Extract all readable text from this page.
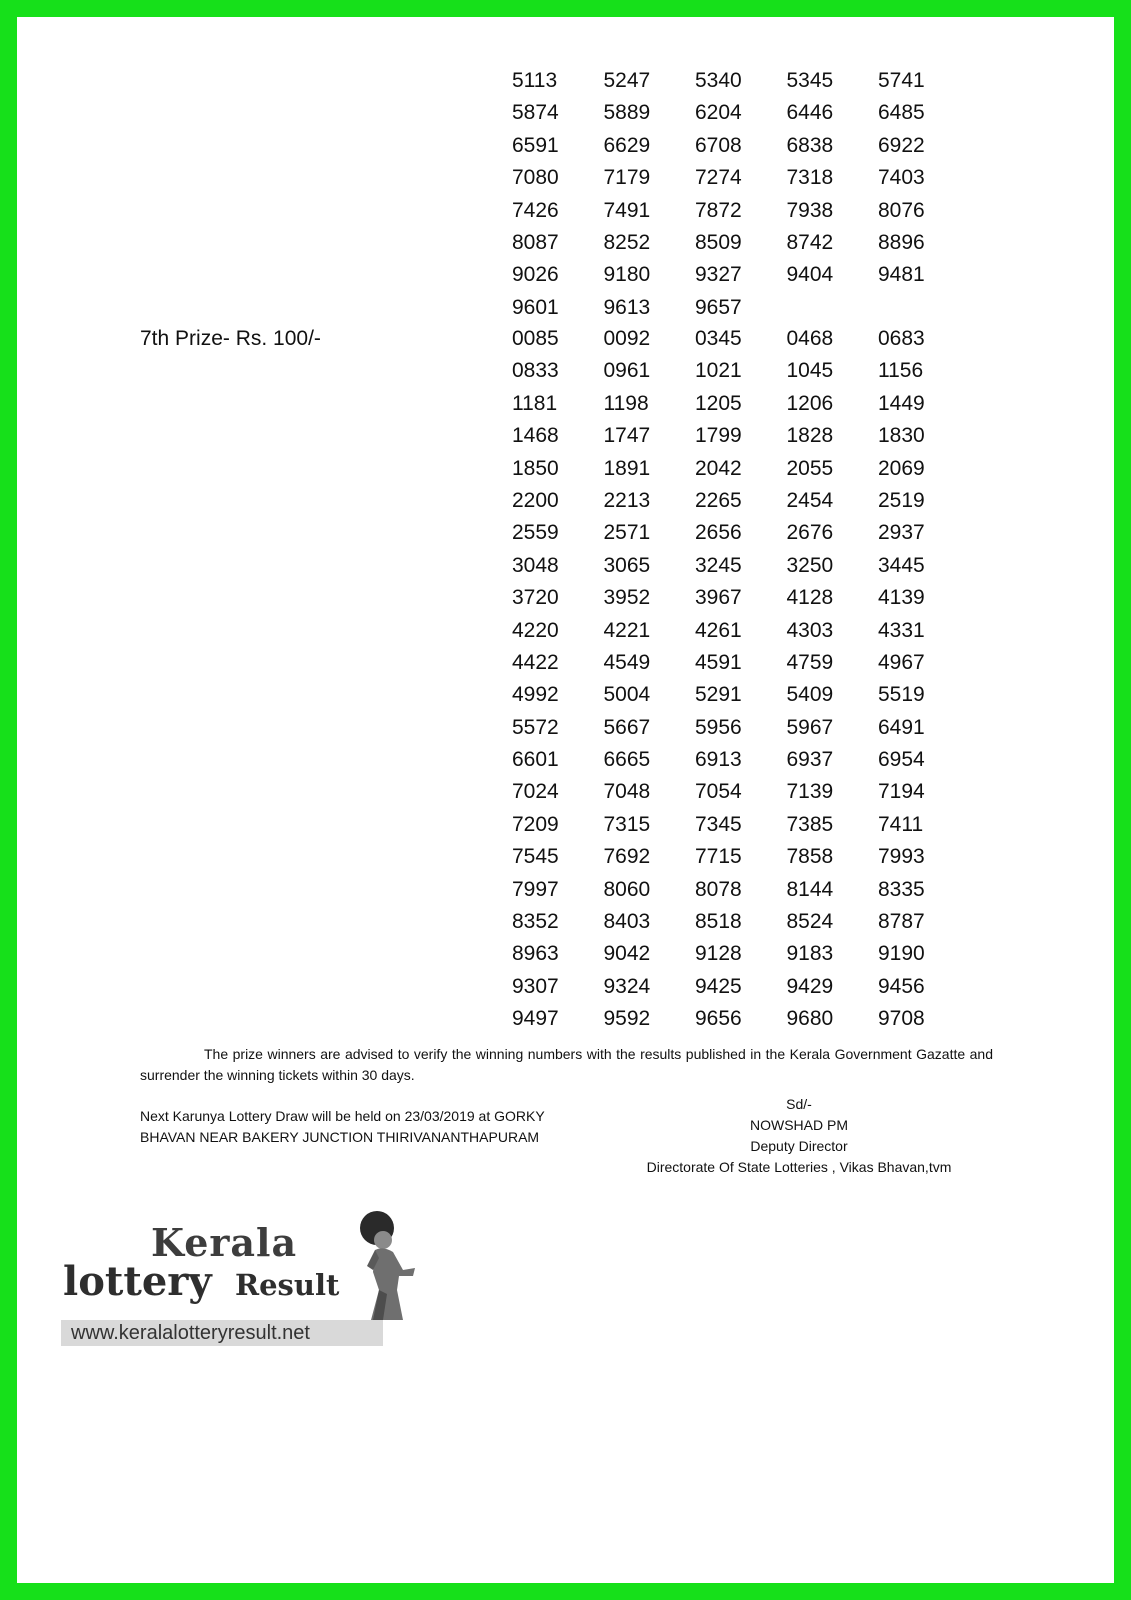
5113	5247	5340	5345	5741
5874	5889	6204	6446	6485
6591	6629	6708	6838	6922
7080	7179	7274	7318	7403
7426	7491	7872	7938	8076
8087	8252	8509	8742	8896
9026	9180	9327	9404	9481
9601	9613	9657
7th Prize- Rs. 100/-	0085	0092	0345	0468	0683
0833	0961	1021	1045	1156
1181	1198	1205	1206	1449
1468	1747	1799	1828	1830
1850	1891	2042	2055	2069
2200	2213	2265	2454	2519
2559	2571	2656	2676	2937
3048	3065	3245	3250	3445
3720	3952	3967	4128	4139
4220	4221	4261	4303	4331
4422	4549	4591	4759	4967
4992	5004	5291	5409	5519
5572	5667	5956	5967	6491
6601	6665	6913	6937	6954
7024	7048	7054	7139	7194
7209	7315	7345	7385	7411
7545	7692	7715	7858	7993
7997	8060	8078	8144	8335
8352	8403	8518	8524	8787
8963	9042	9128	9183	9190
9307	9324	9425	9429	9456
9497	9592	9656	9680	9708
The prize winners are advised to verify the winning numbers with the results published in the Kerala Government Gazatte and surrender the winning tickets within 30 days.
Next Karunya Lottery Draw will be held on 23/03/2019 at GORKY
BHAVAN NEAR BAKERY JUNCTION THIRIVANANTHAPURAM
Sd/-
NOWSHAD PM
Deputy Director
Directorate Of State Lotteries , Vikas Bhavan,tvm
Kerala
lottery Result
www.keralalotteryresult.net
